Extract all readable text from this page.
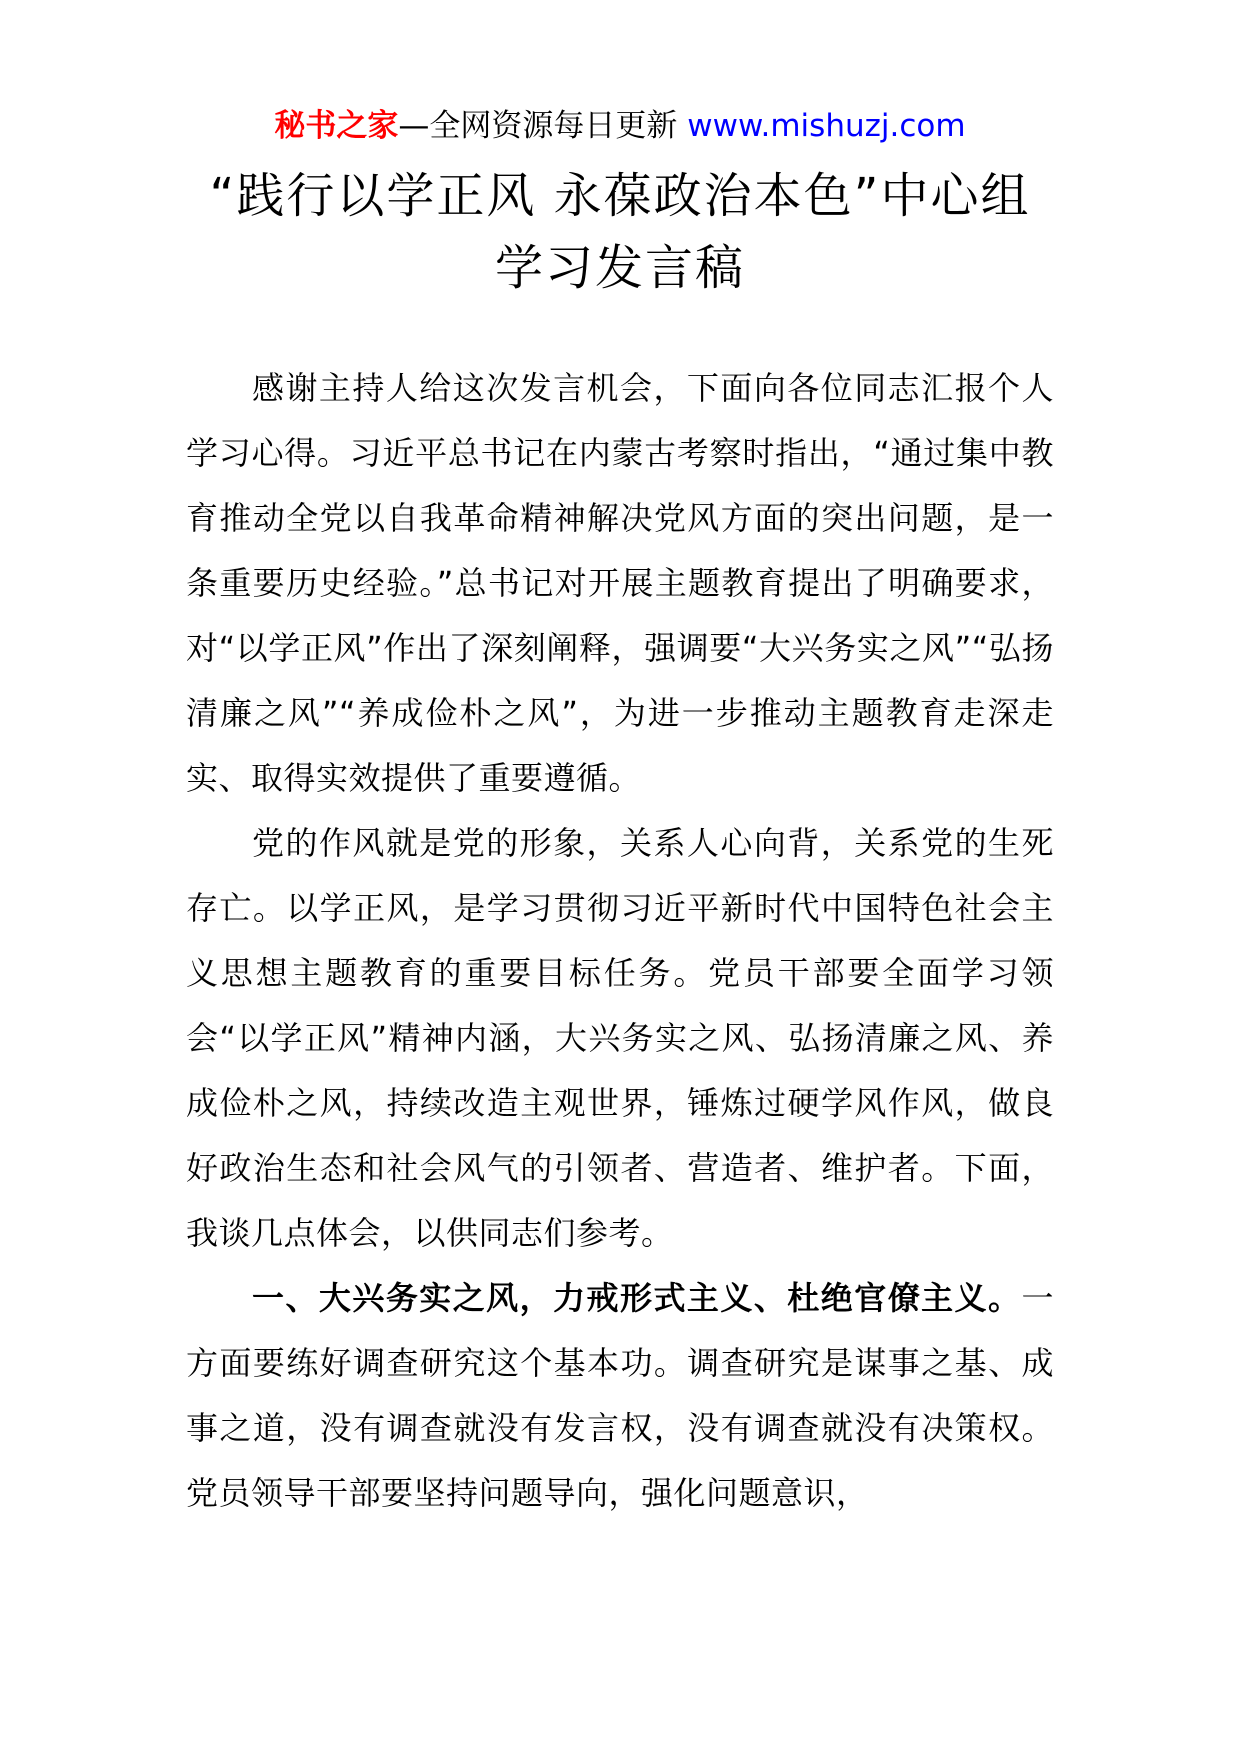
秘书之家—全网资源每日更新 www.mishuzj.com
“践行以学正风 永葆政治本色”中心组
学习发言稿

感谢主持人给这次发言机会，下面向各位同志汇报个人学习心得。习近平总书记在内蒙古考察时指出，“通过集中教育推动全党以自我革命精神解决党风方面的突出问题，是一条重要历史经验。”总书记对开展主题教育提出了明确要求，对“以学正风”作出了深刻阐释，强调要“大兴务实之风”“弘扬清廉之风”“养成俭朴之风”，为进一步推动主题教育走深走实、取得实效提供了重要遵循。

党的作风就是党的形象，关系人心向背，关系党的生死存亡。以学正风，是学习贯彻习近平新时代中国特色社会主义思想主题教育的重要目标任务。党员干部要全面学习领会“以学正风”精神内涵，大兴务实之风、弘扬清廉之风、养成俭朴之风，持续改造主观世界，锤炼过硬学风作风，做良好政治生态和社会风气的引领者、营造者、维护者。下面，我谈几点体会，以供同志们参考。

一、大兴务实之风，力戒形式主义、杜绝官僚主义。一方面要练好调查研究这个基本功。调查研究是谋事之基、成事之道，没有调查就没有发言权，没有调查就没有决策权。党员领导干部要坚持问题导向，强化问题意识，
